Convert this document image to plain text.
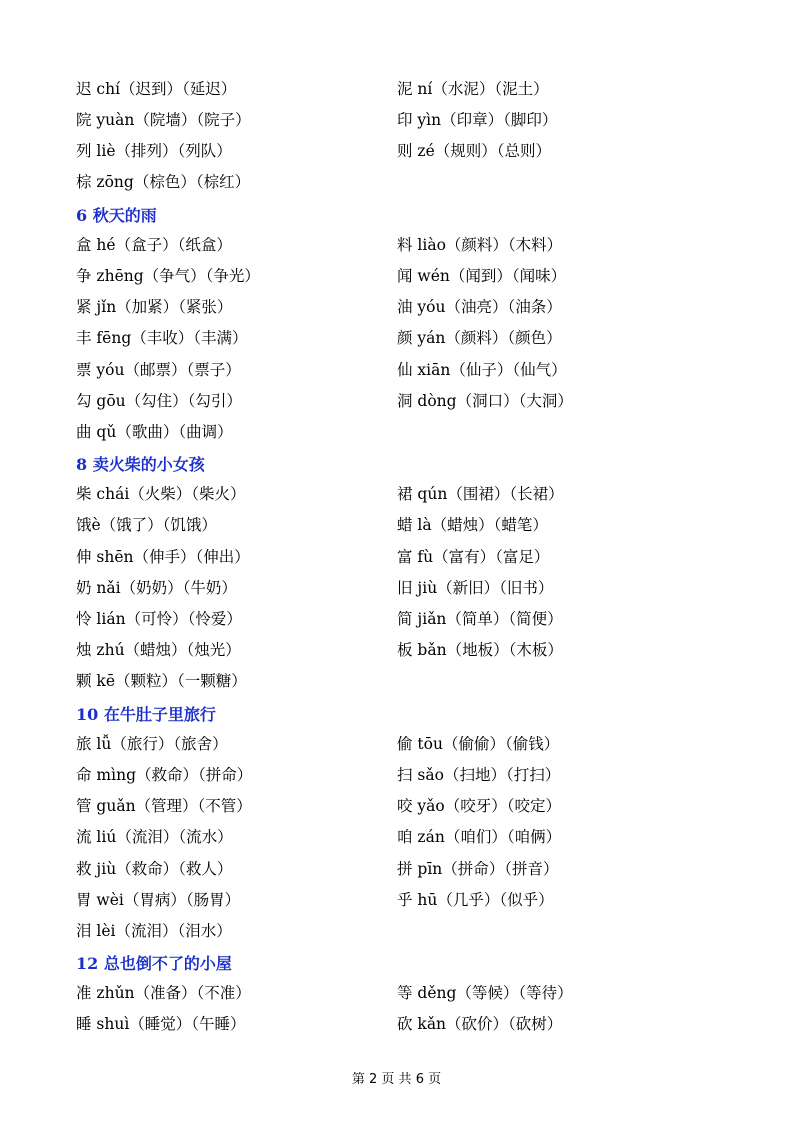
迟 chí（迟到）（延迟）	泥 ní（水泥）（泥土）
院 yuàn（院墙）（院子）	印 yìn（印章）（脚印）
列 liè（排列）（列队）	则 zé（规则）（总则）
棕 zōng（棕色）（棕红）
6 秋天的雨
盒 hé（盒子）（纸盒）	料 liào（颜料）（木料）
争 zhēng（争气）（争光）	闻 wén（闻到）（闻味）
紧 jǐn（加紧）（紧张）	油 yóu（油亮）（油条）
丰 fēng（丰收）（丰满）	颜 yán（颜料）（颜色）
票 yóu（邮票）（票子）	仙 xiān（仙子）（仙气）
勾 gōu（勾住）（勾引）	洞 dòng（洞口）（大洞）
曲 qǔ（歌曲）（曲调）
8 卖火柴的小女孩
柴 chái（火柴）（柴火）	裙 qún（围裙）（长裙）
饿è（饿了）（饥饿）	蜡 là（蜡烛）（蜡笔）
伸 shēn（伸手）（伸出）	富 fù（富有）（富足）
奶 nǎi（奶奶）（牛奶）	旧 jiù（新旧）（旧书）
怜 lián（可怜）（怜爱）	简 jiǎn（简单）（简便）
烛 zhú（蜡烛）（烛光）	板 bǎn（地板）（木板）
颗 kē（颗粒）（一颗糖）
10 在牛肚子里旅行
旅 lǚ（旅行）（旅舍）	偷 tōu（偷偷）（偷钱）
命 mìng（救命）（拼命）	扫 sǎo（扫地）（打扫）
管 guǎn（管理）（不管）	咬 yǎo（咬牙）（咬定）
流 liú（流泪）（流水）	咱 zán（咱们）（咱俩）
救 jiù（救命）（救人）	拼 pīn（拼命）（拼音）
胃 wèi（胃病）（肠胃）	乎 hū（几乎）（似乎）
泪 lèi（流泪）（泪水）
12 总也倒不了的小屋
准 zhǔn（准备）（不准）	等 děng（等候）（等待）
睡 shuì（睡觉）（午睡）	砍 kǎn（砍价）（砍树）
第 2 页 共 6 页
